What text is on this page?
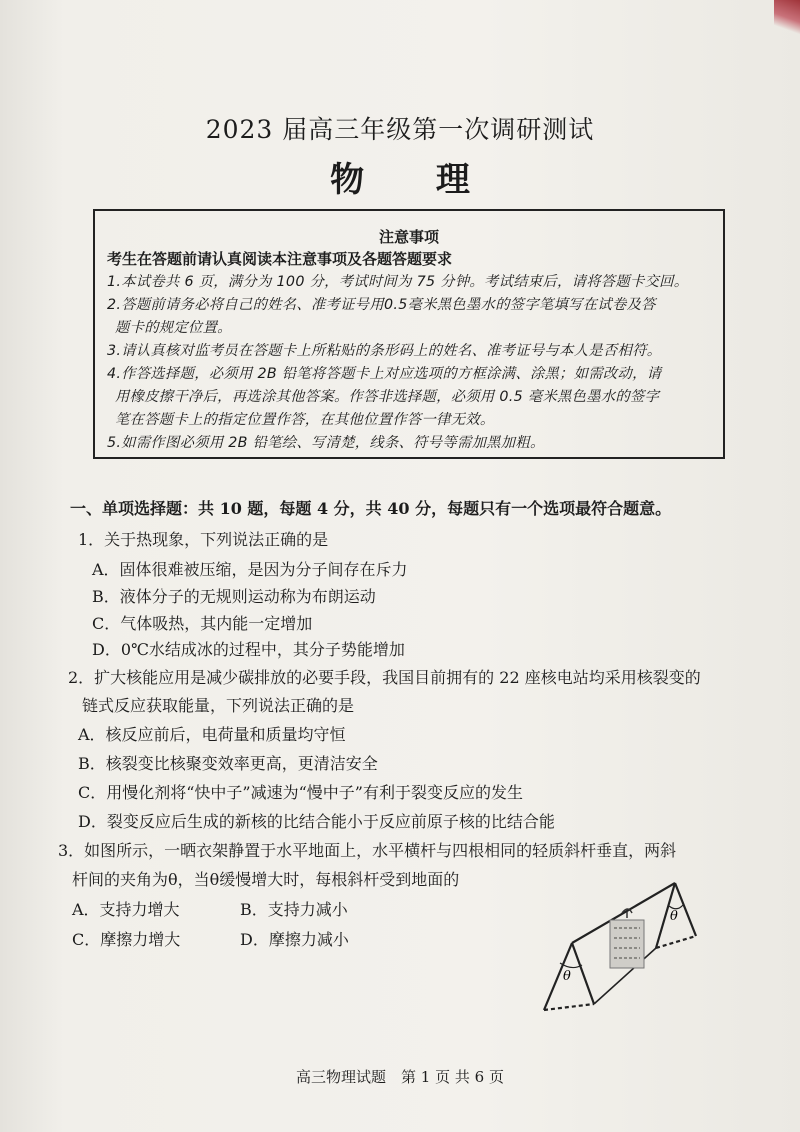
2023 届高三年级第一次调研测试
物 理
注意事项
考生在答题前请认真阅读本注意事项及各题答题要求
1.本试卷共 6 页，满分为 100 分，考试时间为 75 分钟。考试结束后，请将答题卡交回。
2.答题前请务必将自己的姓名、准考证号用0.5毫米黑色墨水的签字笔填写在试卷及答
题卡的规定位置。
3.请认真核对监考员在答题卡上所粘贴的条形码上的姓名、准考证号与本人是否相符。
4.作答选择题，必须用 2B 铅笔将答题卡上对应选项的方框涂满、涂黑；如需改动，请
用橡皮擦干净后，再选涂其他答案。作答非选择题，必须用 0.5 毫米黑色墨水的签字
笔在答题卡上的指定位置作答，在其他位置作答一律无效。
5.如需作图必须用 2B 铅笔绘、写清楚，线条、符号等需加黑加粗。
一、单项选择题：共 10 题，每题 4 分，共 40 分，每题只有一个选项最符合题意。
1．关于热现象，下列说法正确的是
A．固体很难被压缩，是因为分子间存在斥力
B．液体分子的无规则运动称为布朗运动
C．气体吸热，其内能一定增加
D．0℃水结成冰的过程中，其分子势能增加
2．扩大核能应用是减少碳排放的必要手段，我国目前拥有的 22 座核电站均采用核裂变的
链式反应获取能量，下列说法正确的是
A．核反应前后，电荷量和质量均守恒
B．核裂变比核聚变效率更高，更清洁安全
C．用慢化剂将“快中子”减速为“慢中子”有利于裂变反应的发生
D．裂变反应后生成的新核的比结合能小于反应前原子核的比结合能
3．如图所示，一晒衣架静置于水平地面上，水平横杆与四根相同的轻质斜杆垂直，两斜
杆间的夹角为θ，当θ缓慢增大时，每根斜杆受到地面的
A．支持力增大	B．支持力减小
C．摩擦力增大	D．摩擦力减小
θ
θ
高三物理试题　第 1 页 共 6 页
